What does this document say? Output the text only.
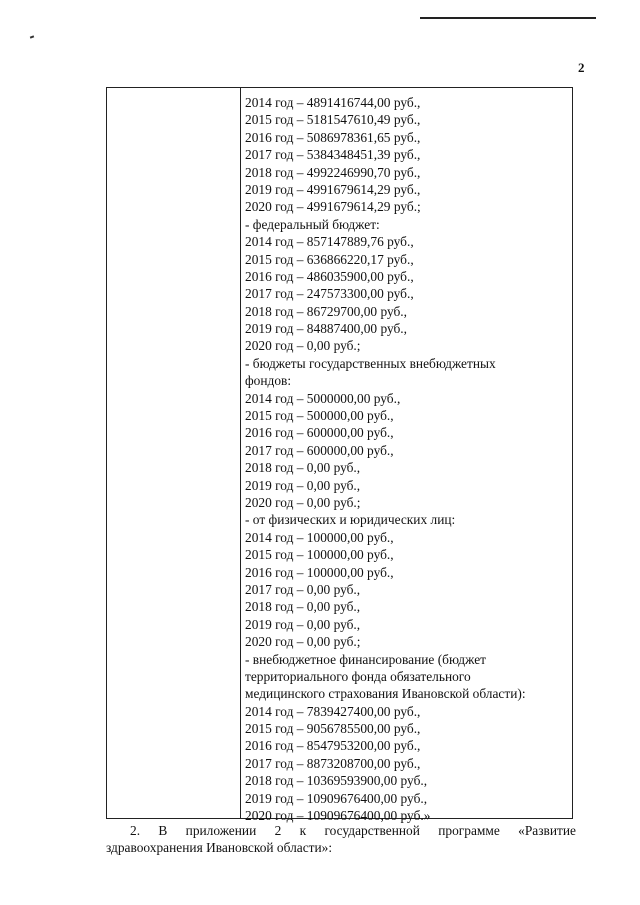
2
2014 год – 4891416744,00 руб.,
2015 год – 5181547610,49 руб.,
2016 год – 5086978361,65 руб.,
2017 год – 5384348451,39 руб.,
2018 год – 4992246990,70 руб.,
2019 год – 4991679614,29 руб.,
2020 год – 4991679614,29 руб.;
- федеральный бюджет:
2014 год – 857147889,76 руб.,
2015 год – 636866220,17 руб.,
2016 год – 486035900,00 руб.,
2017 год – 247573300,00 руб.,
2018 год – 86729700,00 руб.,
2019 год – 84887400,00 руб.,
2020 год – 0,00 руб.;
- бюджеты государственных внебюджетных
фондов:
2014 год – 5000000,00 руб.,
2015 год – 500000,00 руб.,
2016 год – 600000,00 руб.,
2017 год – 600000,00 руб.,
2018 год – 0,00 руб.,
2019 год – 0,00 руб.,
2020 год – 0,00 руб.;
- от физических и юридических лиц:
2014 год – 100000,00 руб.,
2015 год – 100000,00 руб.,
2016 год – 100000,00 руб.,
2017 год – 0,00 руб.,
2018 год – 0,00 руб.,
2019 год – 0,00 руб.,
2020 год – 0,00 руб.;
- внебюджетное финансирование (бюджет
территориального фонда обязательного
медицинского страхования Ивановской области):
2014 год – 7839427400,00 руб.,
2015 год – 9056785500,00 руб.,
2016 год – 8547953200,00 руб.,
2017 год – 8873208700,00 руб.,
2018 год – 10369593900,00 руб.,
2019 год – 10909676400,00 руб.,
2020 год – 10909676400,00 руб.»
2. В приложении 2 к государственной программе «Развитие
здравоохранения Ивановской области»:
